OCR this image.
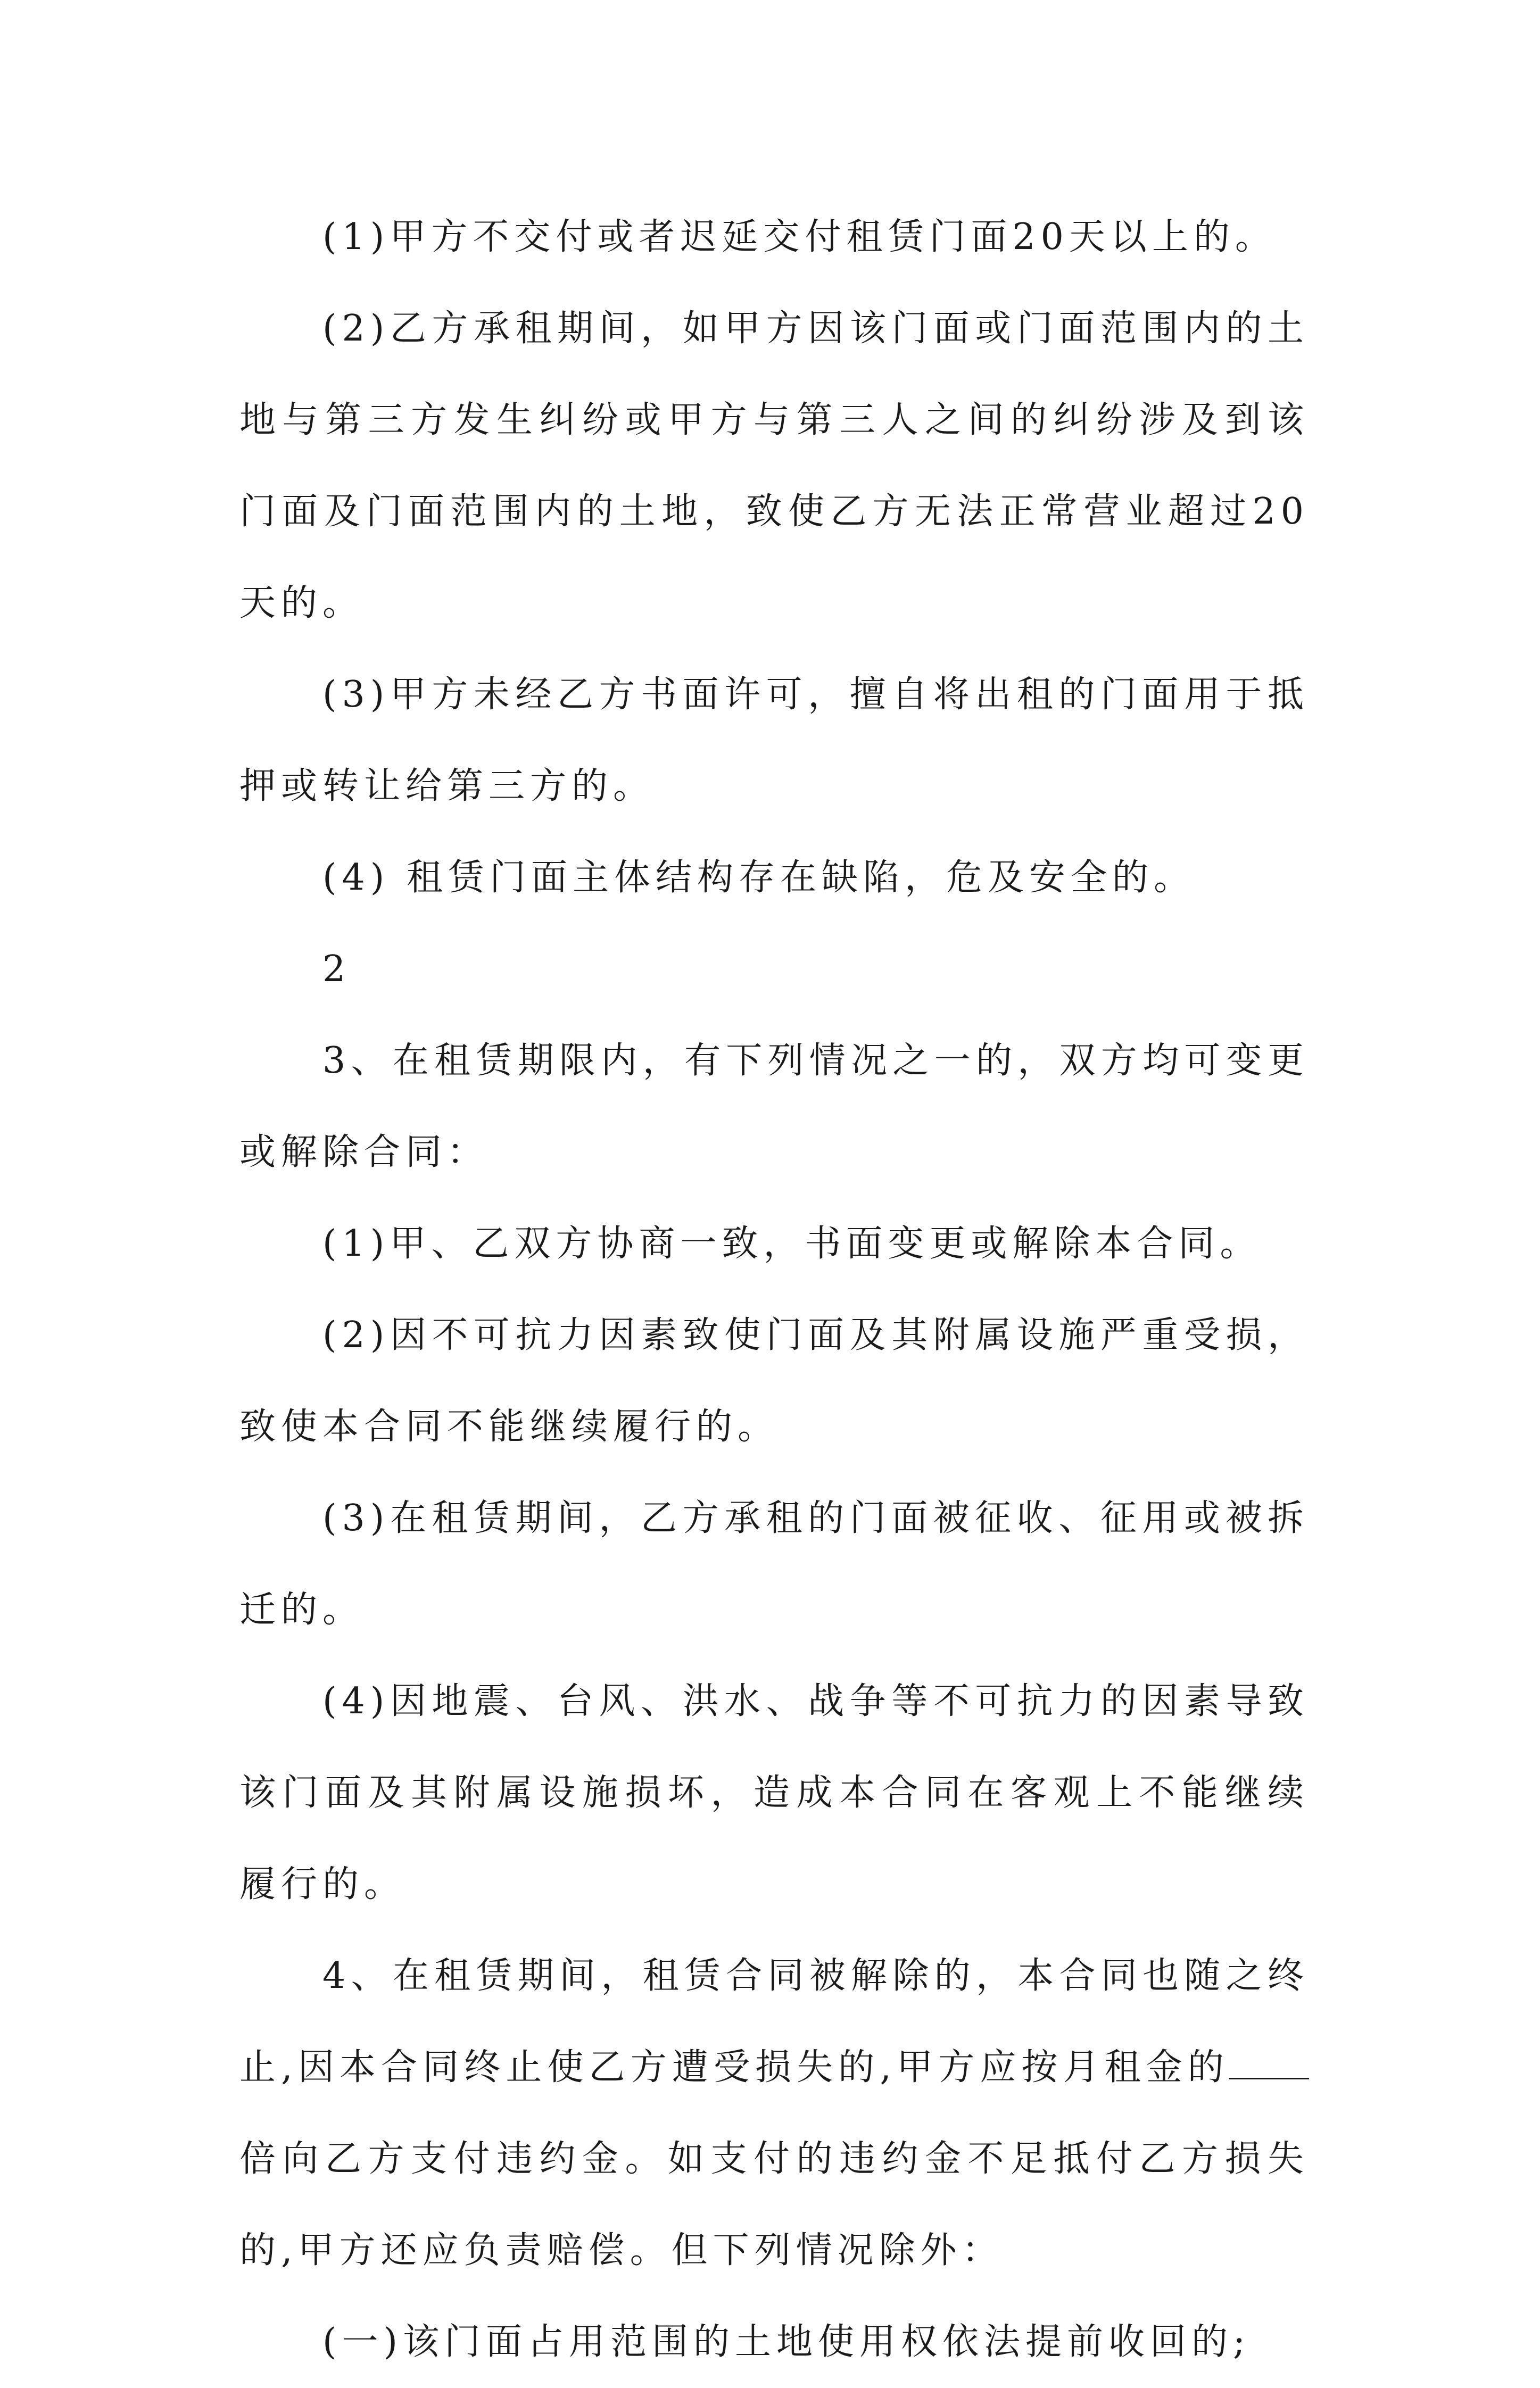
(1)甲方不交付或者迟延交付租赁门面20天以上的。

(2)乙方承租期间，如甲方因该门面或门面范围内的土地与第三方发生纠纷或甲方与第三人之间的纠纷涉及到该门面及门面范围内的土地，致使乙方无法正常营业超过20天的。

(3)甲方未经乙方书面许可，擅自将出租的门面用于抵押或转让给第三方的。

(4) 租赁门面主体结构存在缺陷，危及安全的。

2

3、在租赁期限内，有下列情况之一的，双方均可变更或解除合同：

(1)甲、乙双方协商一致，书面变更或解除本合同。

(2)因不可抗力因素致使门面及其附属设施严重受损，致使本合同不能继续履行的。

(3)在租赁期间，乙方承租的门面被征收、征用或被拆迁的。

(4)因地震、台风、洪水、战争等不可抗力的因素导致该门面及其附属设施损坏，造成本合同在客观上不能继续履行的。

4、在租赁期间，租赁合同被解除的，本合同也随之终止,因本合同终止使乙方遭受损失的,甲方应按月租金的倍向乙方支付违约金。如支付的违约金不足抵付乙方损失的,甲方还应负责赔偿。但下列情况除外：

(一)该门面占用范围的土地使用权依法提前收回的;
